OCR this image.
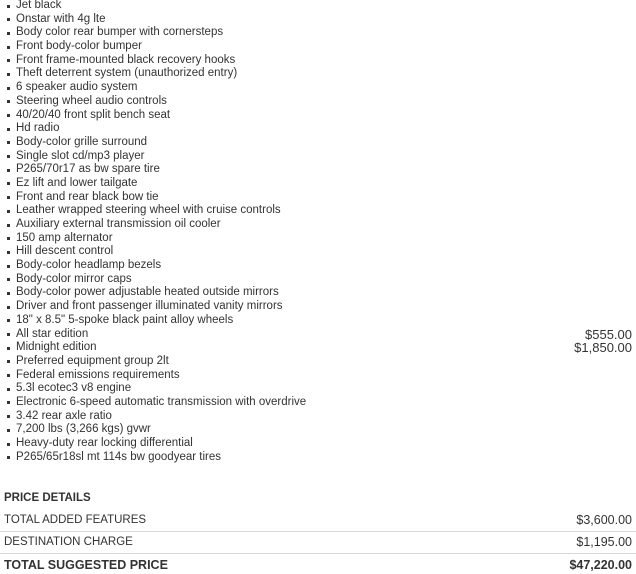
Jet black
Onstar with 4g lte
Body color rear bumper with cornersteps
Front body-color bumper
Front frame-mounted black recovery hooks
Theft deterrent system (unauthorized entry)
6 speaker audio system
Steering wheel audio controls
40/20/40 front split bench seat
Hd radio
Body-color grille surround
Single slot cd/mp3 player
P265/70r17 as bw spare tire
Ez lift and lower tailgate
Front and rear black bow tie
Leather wrapped steering wheel with cruise controls
Auxiliary external transmission oil cooler
150 amp alternator
Hill descent control
Body-color headlamp bezels
Body-color mirror caps
Body-color power adjustable heated outside mirrors
Driver and front passenger illuminated vanity mirrors
18" x 8.5" 5-spoke black paint alloy wheels
All star edition	$555.00
Midnight edition	$1,850.00
Preferred equipment group 2lt
Federal emissions requirements
5.3l ecotec3 v8 engine
Electronic 6-speed automatic transmission with overdrive
3.42 rear axle ratio
7,200 lbs (3,266 kgs) gvwr
Heavy-duty rear locking differential
P265/65r18sl mt 114s bw goodyear tires
PRICE DETAILS
TOTAL ADDED FEATURES	$3,600.00
DESTINATION CHARGE	$1,195.00
TOTAL SUGGESTED PRICE	$47,220.00
